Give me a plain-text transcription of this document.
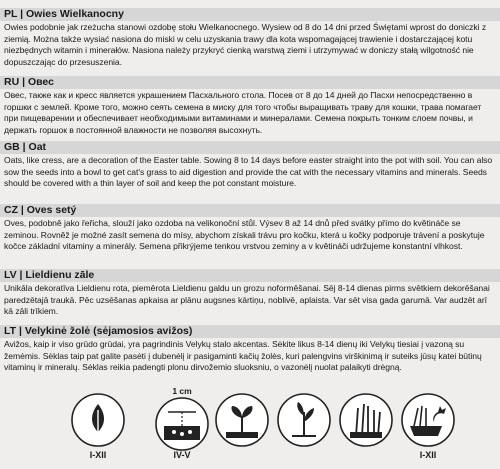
PL | Owies Wielkanocny
Owies podobnie jak rzeżucha stanowi ozdobę stołu Wielkanocnego. Wysiew od 8 do 14 dni przed Świętami wprost do doniczki z ziemią. Można także wysiać nasiona do miski w celu uzyskania trawy dla kota wspomagającej trawienie i dostarczającej kotu niezbędnych witamin i minerałów. Nasiona należy przykryć cienką warstwą ziemi i utrzymywać w doniczy stałą wilgotność nie dopuszczając do przesuszenia.
RU | Овес
Овес, также как и кресс является украшением Пасхального стола. Посев от 8 до 14 дней до Пасхи непосредственно в горшки с землей. Кроме того, можно сеять семена в миску для того чтобы выращивать траву для кошки, трава помагает при пищеварении и обеспечивает необходимыми витаминами и минералами. Семена покрыть тонким слоем почвы, и держать горшок в постоянной влажности не позволяя высохнуть.
GB | Oat
Oats, like cress, are a decoration of the Easter table. Sowing 8 to 14 days before easter straight into the pot with soil. You can also sow the seeds into a bowl to get cat's grass to aid digestion and provide the cat with the necessary vitamins and minerals. Seeds should be covered with a thin layer of soil and keep the pot constant moisture.
CZ | Oves setý
Oves, podobně jako řeřicha, slouží jako ozdoba na velikonoční stůl. Výsev 8 až 14 dnů před svátky přímo do květináče se zeminou. Rovněž je možné zasít semena do mísy, abychom získali trávu pro kočku, která u kočky podporuje trávení a poskytuje kočce základní vitaminy a minerály. Semena přikrýjeme tenkou vrstvou zeminy a v květináči udržujeme konstantní vlhkost.
LV | Lieldienu zāle
Unikāla dekoratīva Lieldienu rota, piemērota Lieldienu galdu un grozu noformēšanai. Sēj 8-14 dienas pirms svētkiem dekorēšanai paredzētajā traukā. Pēc uzsēšanas apkaisa ar plānu augsnes kārtiņu, noblivē, aplaista. Var sēt visa gada garumā. Var audzēt arī kā zāli trīkiem.
LT | Velykinė žolė (sėjamosios avižos)
Avižos, kaip ir viso grūdo grūdai, yra pagrindinis Velykų stalo akcentas. Sėkite likus 8-14 dienų iki Velykų tiesiai į vazoną su žemėmis. Sėklas taip pat galite pasėti į dubenėlį ir pasigaminti kačių žolės, kuri palengvins virškinimą ir suteiks jūsų katei būtinų vitaminų ir mineralų. Sėklas reikia padengti plonu dirvožemio sluoksniu, o vazonėlį nuolat palaikyti drėgną.
I-XII
1 cm
IV-V	I-XII
